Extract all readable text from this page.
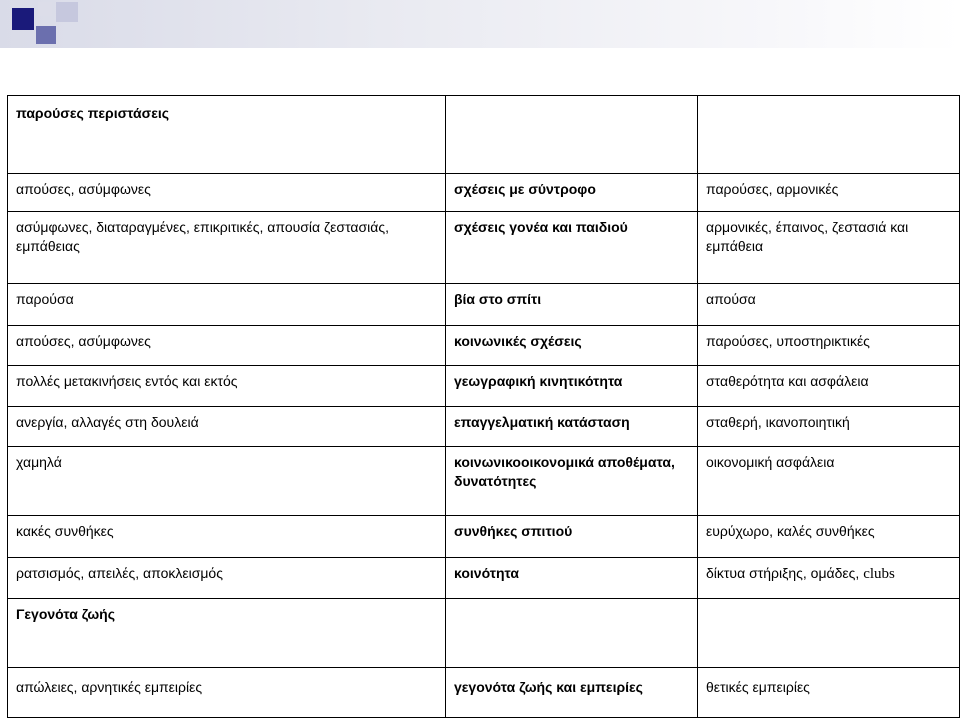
παρούσες περιστάσεις		
απούσες, ασύμφωνες	σχέσεις με σύντροφο	παρούσες, αρμονικές
ασύμφωνες, διαταραγμένες, επικριτικές, απουσία ζεστασιάς, εμπάθειας	σχέσεις γονέα και παιδιού	αρμονικές, έπαινος, ζεστασιά και εμπάθεια
παρούσα	βία στο σπίτι	απούσα
απούσες, ασύμφωνες	κοινωνικές σχέσεις	παρούσες, υποστηρικτικές
πολλές μετακινήσεις εντός και εκτός	γεωγραφική κινητικότητα	σταθερότητα και ασφάλεια
ανεργία, αλλαγές στη δουλειά	επαγγελματική κατάσταση	σταθερή, ικανοποιητική
χαμηλά	κοινωνικοοικονομικά αποθέματα, δυνατότητες	οικονομική ασφάλεια
κακές συνθήκες	συνθήκες σπιτιού	ευρύχωρο, καλές συνθήκες
ρατσισμός, απειλές, αποκλεισμός	κοινότητα	δίκτυα στήριξης, ομάδες, clubs
Γεγονότα ζωής		
απώλειες, αρνητικές εμπειρίες	γεγονότα ζωής και εμπειρίες	θετικές εμπειρίες
